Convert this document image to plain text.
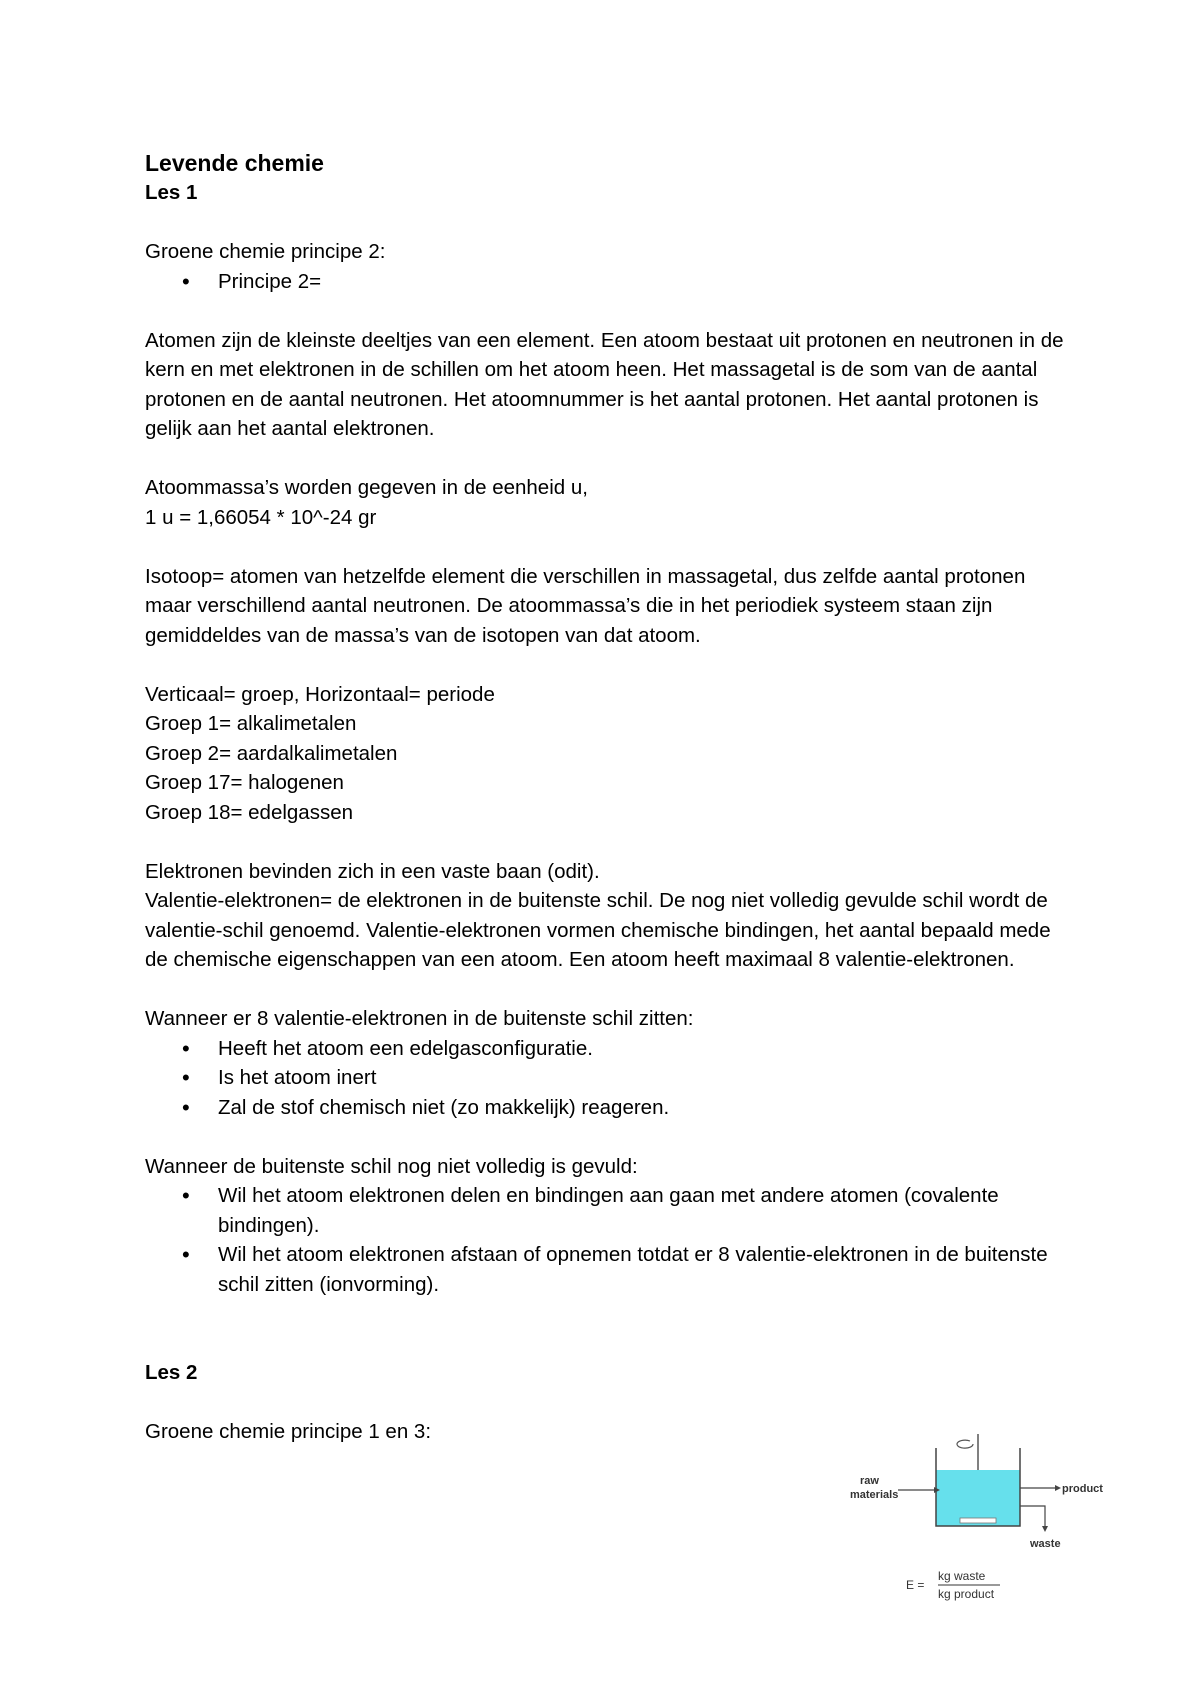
Levende chemie

Les 1

Groene chemie principe 2:

• Principe 2=

Atomen zijn de kleinste deeltjes van een element. Een atoom bestaat uit protonen en neutronen in de kern en met elektronen in de schillen om het atoom heen. Het massagetal is de som van de aantal protonen en de aantal neutronen. Het atoomnummer is het aantal protonen. Het aantal protonen is gelijk aan het aantal elektronen.

Atoommassa’s worden gegeven in de eenheid u,

1 u = 1,66054 * 10^-24 gr

Isotoop= atomen van hetzelfde element die verschillen in massagetal, dus zelfde aantal protonen maar verschillend aantal neutronen. De atoommassa’s die in het periodiek systeem staan zijn gemiddeldes van de massa’s van de isotopen van dat atoom.

Verticaal= groep, Horizontaal= periode

Groep 1= alkalimetalen

Groep 2= aardalkalimetalen

Groep 17= halogenen

Groep 18= edelgassen

Elektronen bevinden zich in een vaste baan (odit).

Valentie-elektronen= de elektronen in de buitenste schil. De nog niet volledig gevulde schil wordt de valentie-schil genoemd. Valentie-elektronen vormen chemische bindingen, het aantal bepaald mede de chemische eigenschappen van een atoom. Een atoom heeft maximaal 8 valentie-elektronen.

Wanneer er 8 valentie-elektronen in de buitenste schil zitten:

• Heeft het atoom een edelgasconfiguratie.
• Is het atoom inert
• Zal de stof chemisch niet (zo makkelijk) reageren.

Wanneer de buitenste schil nog niet volledig is gevuld:

• Wil het atoom elektronen delen en bindingen aan gaan met andere atomen (covalente bindingen).
• Wil het atoom elektronen afstaan of opnemen totdat er 8 valentie-elektronen in de buitenste schil zitten (ionvorming).

Les 2

Groene chemie principe 1 en 3:

raw
materials	product
waste
E =
kg waste
kg product
